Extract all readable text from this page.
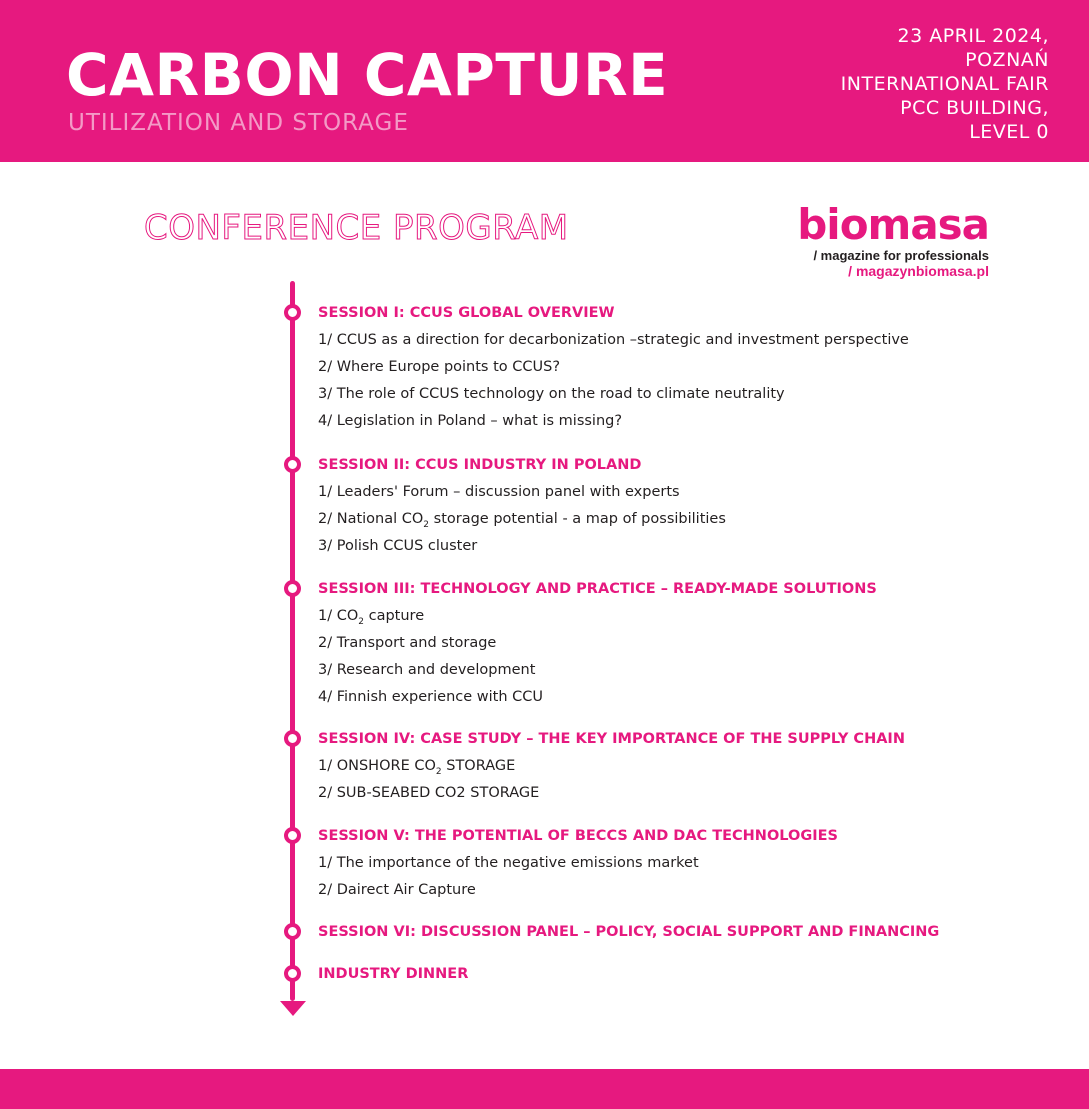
CARBON CAPTURE
UTILIZATION AND STORAGE
23 APRIL 2024,
POZNAŃ
INTERNATIONAL FAIR
PCC BUILDING,
LEVEL 0
CONFERENCE PROGRAM	biomasa
/ magazine for professionals
/ magazynbiomasa.pl
SESSION I: CCUS GLOBAL OVERVIEW
1/ CCUS as a direction for decarbonization –strategic and investment perspective
2/ Where Europe points to CCUS?
3/ The role of CCUS technology on the road to climate neutrality
4/ Legislation in Poland – what is missing?
SESSION II: CCUS INDUSTRY IN POLAND
1/ Leaders' Forum – discussion panel with experts
2/ National $CO_2$ storage potential - a map of possibilities
3/ Polish CCUS cluster
SESSION III: TECHNOLOGY AND PRACTICE – READY-MADE SOLUTIONS
1/ $CO_2$ capture
2/ Transport and storage
3/ Research and development
4/ Finnish experience with CCU
SESSION IV: CASE STUDY – THE KEY IMPORTANCE OF THE SUPPLY CHAIN
1/ ONSHORE $CO_2$ STORAGE
2/ SUB-SEABED CO2 STORAGE
SESSION V: THE POTENTIAL OF BECCS AND DAC TECHNOLOGIES
1/ The importance of the negative emissions market
2/ Dairect Air Capture
SESSION VI: DISCUSSION PANEL – POLICY, SOCIAL SUPPORT AND FINANCING
INDUSTRY DINNER
